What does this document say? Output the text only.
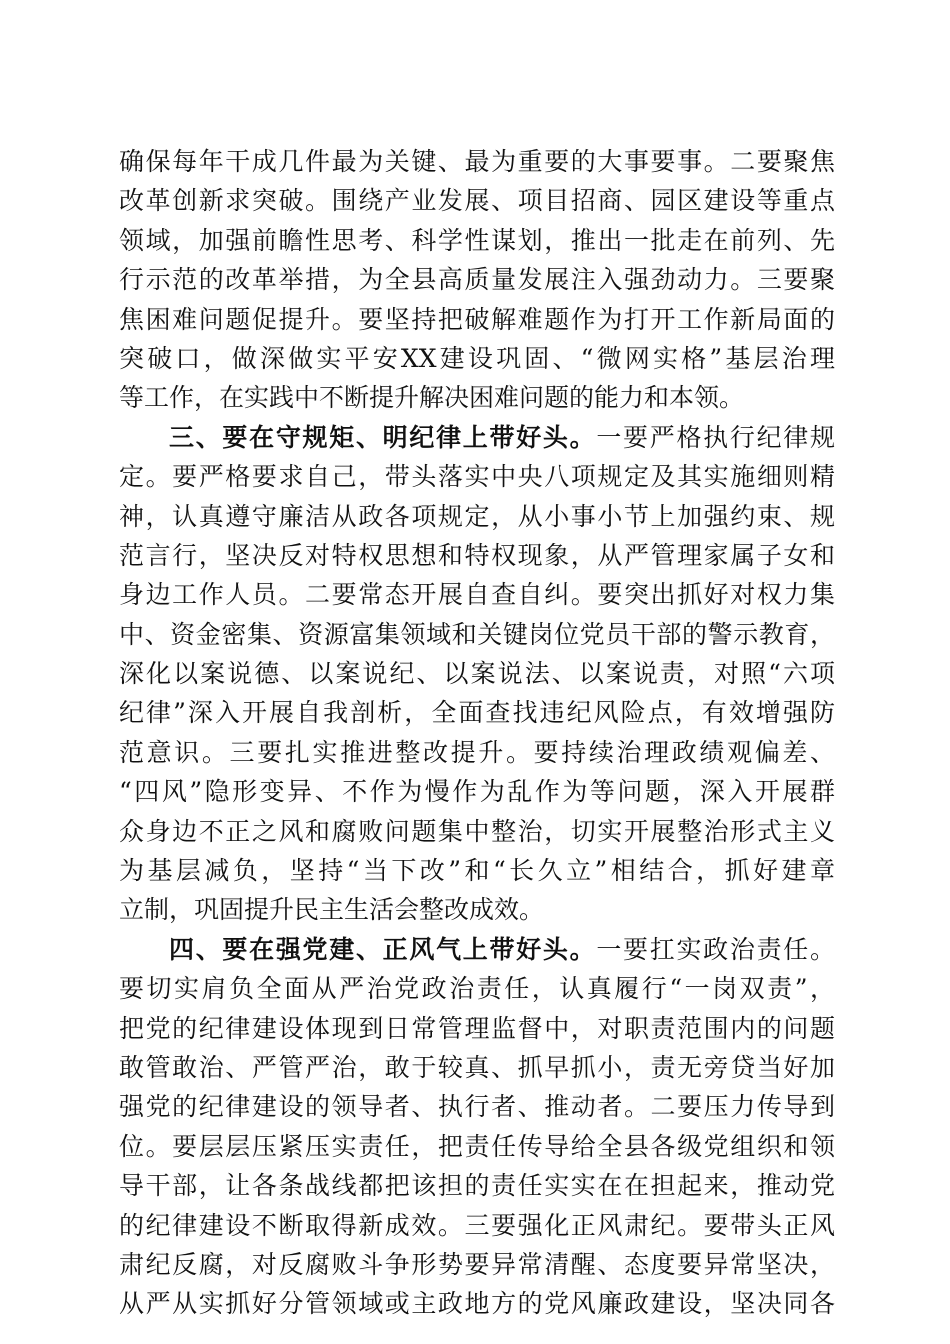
确保每年干成几件最为关键、最为重要的大事要事。二要聚焦
改革创新求突破。围绕产业发展、项目招商、园区建设等重点
领域，加强前瞻性思考、科学性谋划，推出一批走在前列、先
行示范的改革举措，为全县高质量发展注入强劲动力。三要聚
焦困难问题促提升。要坚持把破解难题作为打开工作新局面的
突破口，做深做实平安XX建设巩固、“微网实格”基层治理
等工作，在实践中不断提升解决困难问题的能力和本领。
三、要在守规矩、明纪律上带好头。一要严格执行纪律规
定。要严格要求自己，带头落实中央八项规定及其实施细则精
神，认真遵守廉洁从政各项规定，从小事小节上加强约束、规
范言行，坚决反对特权思想和特权现象，从严管理家属子女和
身边工作人员。二要常态开展自查自纠。要突出抓好对权力集
中、资金密集、资源富集领域和关键岗位党员干部的警示教育，
深化以案说德、以案说纪、以案说法、以案说责，对照“六项
纪律”深入开展自我剖析，全面查找违纪风险点，有效增强防
范意识。三要扎实推进整改提升。要持续治理政绩观偏差、
“四风”隐形变异、不作为慢作为乱作为等问题，深入开展群
众身边不正之风和腐败问题集中整治，切实开展整治形式主义
为基层减负，坚持“当下改”和“长久立”相结合，抓好建章
立制，巩固提升民主生活会整改成效。
四、要在强党建、正风气上带好头。一要扛实政治责任。
要切实肩负全面从严治党政治责任，认真履行“一岗双责”，
把党的纪律建设体现到日常管理监督中，对职责范围内的问题
敢管敢治、严管严治，敢于较真、抓早抓小，责无旁贷当好加
强党的纪律建设的领导者、执行者、推动者。二要压力传导到
位。要层层压紧压实责任，把责任传导给全县各级党组织和领
导干部，让各条战线都把该担的责任实实在在担起来，推动党
的纪律建设不断取得新成效。三要强化正风肃纪。要带头正风
肃纪反腐，对反腐败斗争形势要异常清醒、态度要异常坚决，
从严从实抓好分管领域或主政地方的党风廉政建设，坚决同各
